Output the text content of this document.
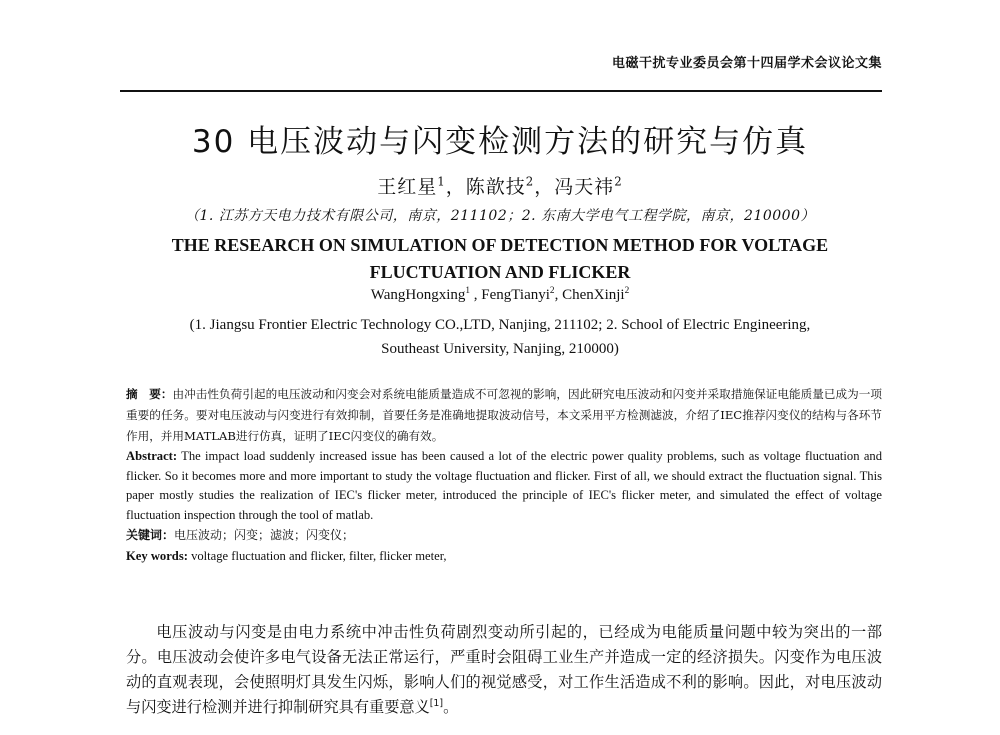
电磁干扰专业委员会第十四届学术会议论文集
30 电压波动与闪变检测方法的研究与仿真
王红星$^1$，陈歆技$^2$，冯天祎$^2$
（1. 江苏方天电力技术有限公司，南京，211102；2. 东南大学电气工程学院，南京，210000）
THE RESEARCH ON SIMULATION OF DETECTION METHOD FOR VOLTAGE
FLUCTUATION AND FLICKER
WangHongxing$^1$ , FengTianyi$^2$, ChenXinji$^2$
(1. Jiangsu Frontier Electric Technology CO.,LTD, Nanjing, 211102; 2. School of Electric Engineering,
Southeast University, Nanjing, 210000)
摘　要：由冲击性负荷引起的电压波动和闪变会对系统电能质量造成不可忽视的影响，因此研究电压波动和闪变并采取措施保证电能质量已成为一项重要的任务。要对电压波动与闪变进行有效抑制，首要任务是准确地提取波动信号，本文采用平方检测滤波，介绍了IEC推荐闪变仪的结构与各环节作用，并用MATLAB进行仿真，证明了IEC闪变仪的确有效。
Abstract: The impact load suddenly increased issue has been caused a lot of the electric power quality problems, such as voltage fluctuation and flicker. So it becomes more and more important to study the voltage fluctuation and flicker. First of all, we should extract the fluctuation signal. This paper mostly studies the realization of IEC's flicker meter, introduced the principle of IEC's flicker meter, and simulated the effect of voltage fluctuation inspection through the tool of matlab.
关键词：电压波动；闪变；滤波；闪变仪；
Key words: voltage fluctuation and flicker, filter, flicker meter,
电压波动与闪变是由电力系统中冲击性负荷剧烈变动所引起的，已经成为电能质量问题中较为突出的一部分。电压波动会使许多电气设备无法正常运行，严重时会阻碍工业生产并造成一定的经济损失。闪变作为电压波动的直观表现，会使照明灯具发生闪烁，影响人们的视觉感受，对工作生活造成不利的影响。因此，对电压波动与闪变进行检测并进行抑制研究具有重要意义[1]。
